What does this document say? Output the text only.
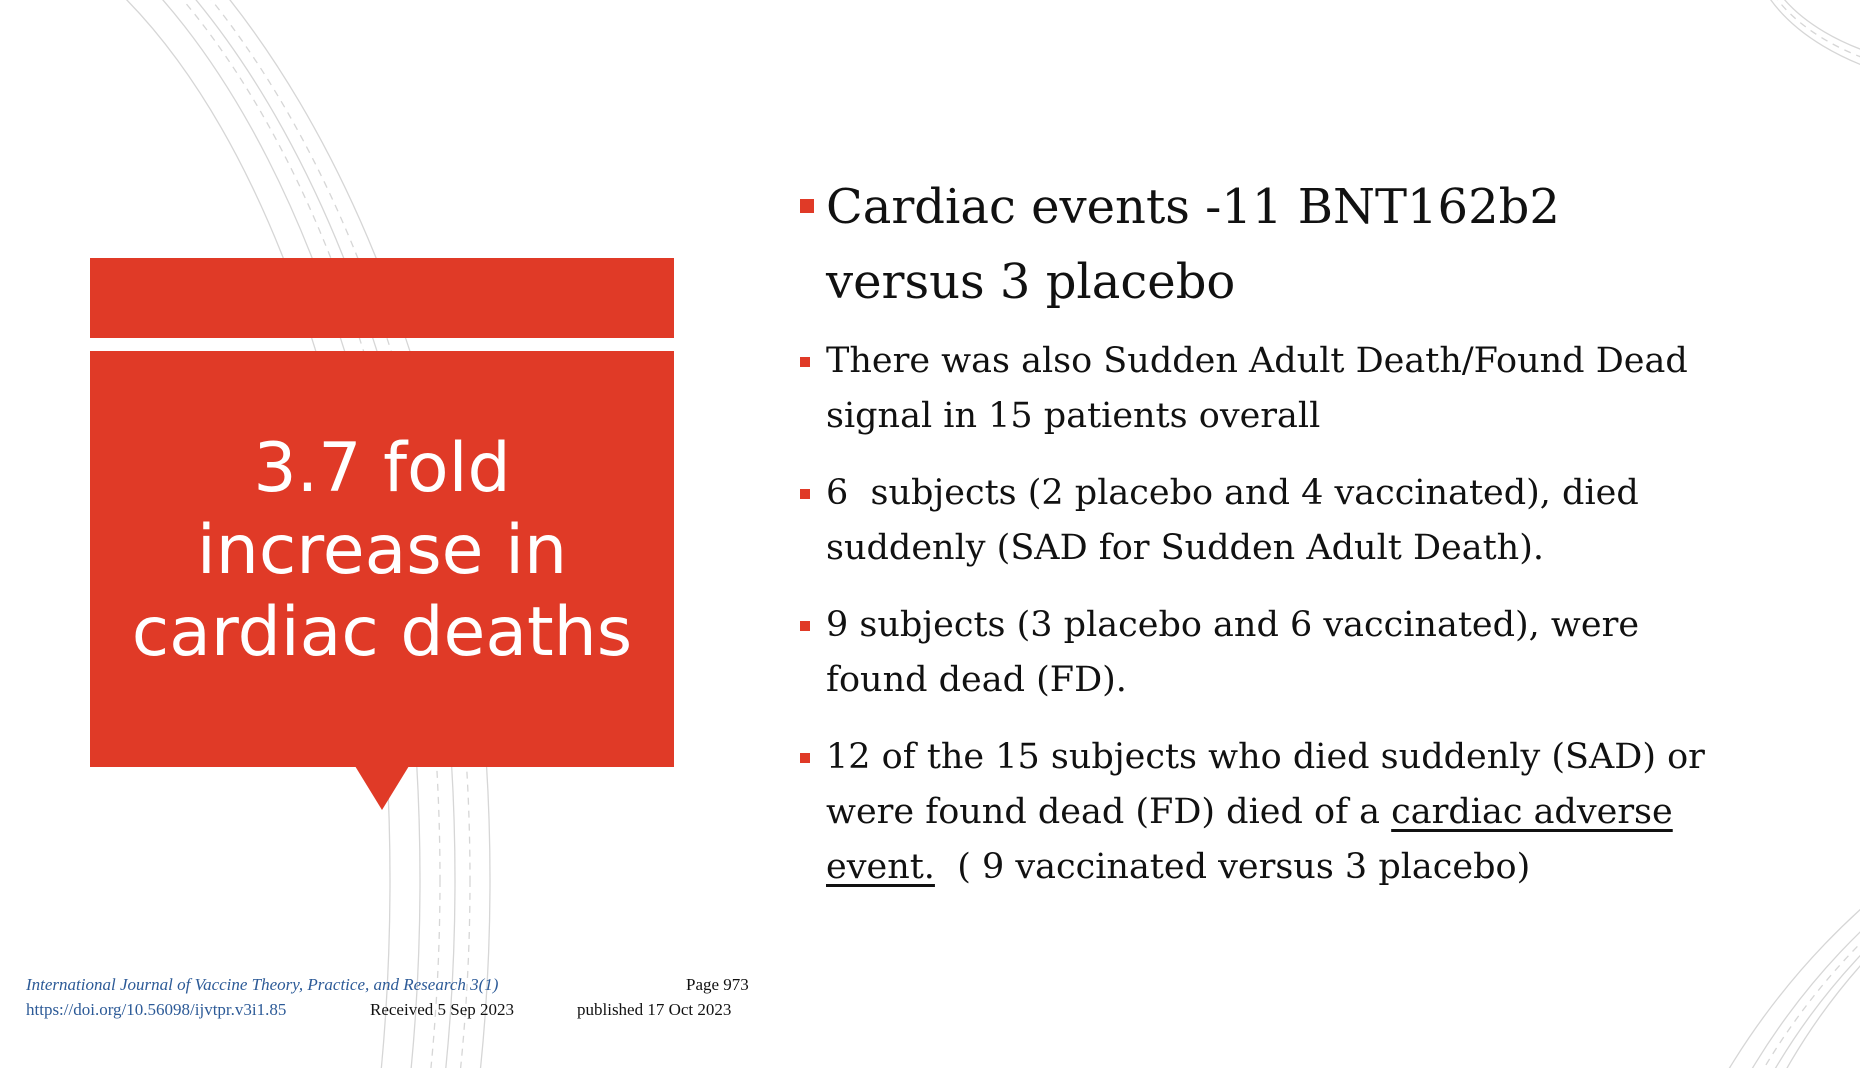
3.7 fold
increase in
cardiac deaths
Cardiac events -11 BNT162b2
versus 3 placebo
There was also Sudden Adult Death/Found Dead
signal in 15 patients overall
6  subjects (2 placebo and 4 vaccinated), died
suddenly (SAD for Sudden Adult Death).
9 subjects (3 placebo and 6 vaccinated), were
found dead (FD).
12 of the 15 subjects who died suddenly (SAD) or
were found dead (FD) died of a cardiac adverse
event.  ( 9 vaccinated versus 3 placebo)
International Journal of Vaccine Theory, Practice, and Research 3(1)
https://doi.org/10.56098/ijvtpr.v3i1.85	Received 5 Sep 2023
Page 973
published 17 Oct 2023
